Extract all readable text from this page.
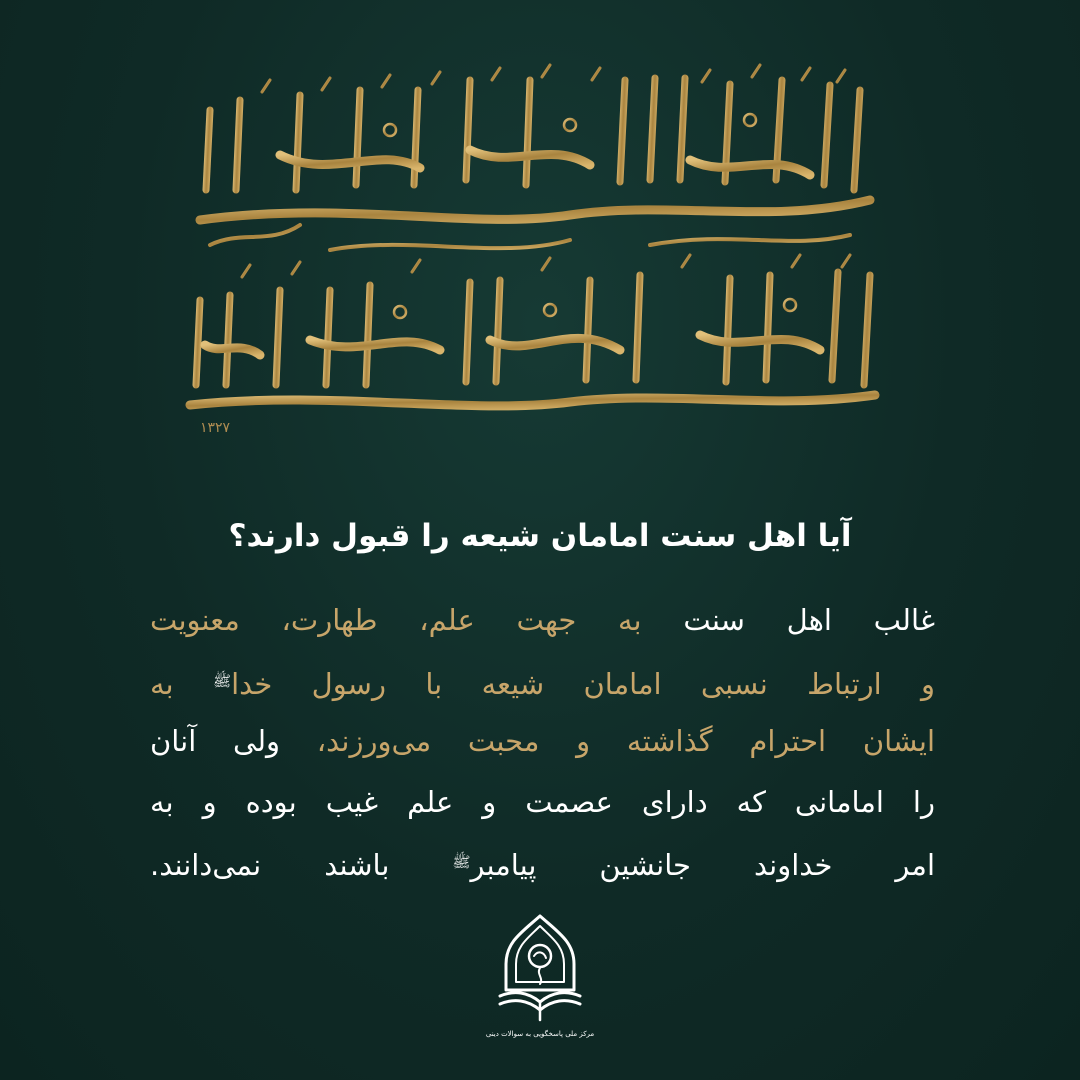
١٣٢٧
آیا اهل سنت امامان شیعه را قبول دارند؟
غالب اهل سنت به جهت علم، طهارت، معنویت
و ارتباط نسبی امامان شیعه با رسول خدا$^ﷺ$ به
ایشان احترام گذاشته و محبت می‌ورزند، ولی آنان
را امامانی که دارای عصمت و علم غیب بوده و به
امر خداوند جانشین پیامبر$^ﷺ$ باشند نمی‌دانند.
مرکز ملی پاسخگویی به سوالات دینی
